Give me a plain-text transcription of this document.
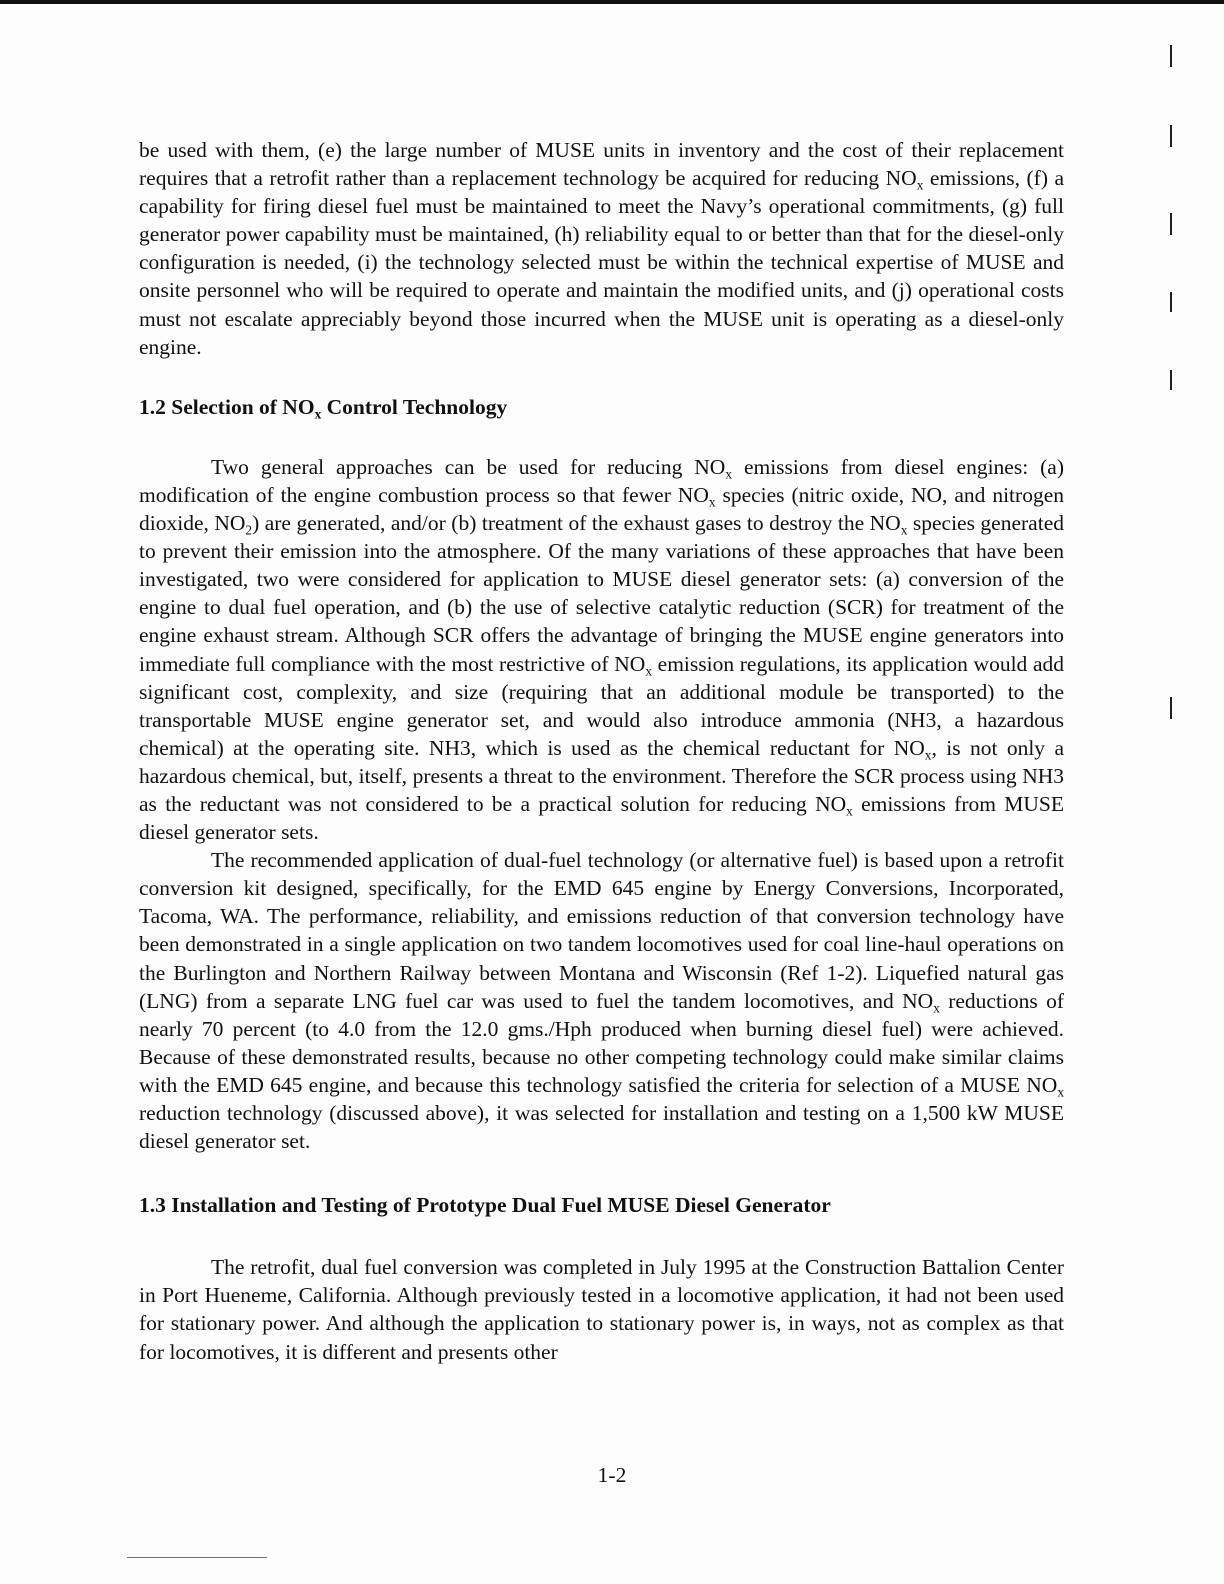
be used with them, (e) the large number of MUSE units in inventory and the cost of their replacement requires that a retrofit rather than a replacement technology be acquired for reducing $NO_x$ emissions, (f) a capability for firing diesel fuel must be maintained to meet the Navy’s operational commitments, (g) full generator power capability must be maintained, (h) reliability equal to or better than that for the diesel-only configuration is needed, (i) the technology selected must be within the technical expertise of MUSE and onsite personnel who will be required to operate and maintain the modified units, and (j) operational costs must not escalate appreciably beyond those incurred when the MUSE unit is operating as a diesel-only engine.

1.2 Selection of $NO_x$ Control Technology

Two general approaches can be used for reducing $NO_x$ emissions from diesel engines: (a) modification of the engine combustion process so that fewer $NO_x$ species (nitric oxide, NO, and nitrogen dioxide, $NO_2$) are generated, and/or (b) treatment of the exhaust gases to destroy the $NO_x$ species generated to prevent their emission into the atmosphere. Of the many variations of these approaches that have been investigated, two were considered for application to MUSE diesel generator sets: (a) conversion of the engine to dual fuel operation, and (b) the use of selective catalytic reduction (SCR) for treatment of the engine exhaust stream. Although SCR offers the advantage of bringing the MUSE engine generators into immediate full compliance with the most restrictive of $NO_x$ emission regulations, its application would add significant cost, complexity, and size (requiring that an additional module be transported) to the transportable MUSE engine generator set, and would also introduce ammonia (NH3, a hazardous chemical) at the operating site. NH3, which is used as the chemical reductant for $NO_x$, is not only a hazardous chemical, but, itself, presents a threat to the environment. Therefore the SCR process using NH3 as the reductant was not considered to be a practical solution for reducing $NO_x$ emissions from MUSE diesel generator sets.

The recommended application of dual-fuel technology (or alternative fuel) is based upon a retrofit conversion kit designed, specifically, for the EMD 645 engine by Energy Conversions, Incorporated, Tacoma, WA. The performance, reliability, and emissions reduction of that conversion technology have been demonstrated in a single application on two tandem locomotives used for coal line-haul operations on the Burlington and Northern Railway between Montana and Wisconsin (Ref 1-2). Liquefied natural gas (LNG) from a separate LNG fuel car was used to fuel the tandem locomotives, and $NO_x$ reductions of nearly 70 percent (to 4.0 from the 12.0 gms./Hph produced when burning diesel fuel) were achieved. Because of these demonstrated results, because no other competing technology could make similar claims with the EMD 645 engine, and because this technology satisfied the criteria for selection of a MUSE $NO_x$ reduction technology (discussed above), it was selected for installation and testing on a 1,500 kW MUSE diesel generator set.

1.3 Installation and Testing of Prototype Dual Fuel MUSE Diesel Generator

The retrofit, dual fuel conversion was completed in July 1995 at the Construction Battalion Center in Port Hueneme, California. Although previously tested in a locomotive application, it had not been used for stationary power. And although the application to stationary power is, in ways, not as complex as that for locomotives, it is different and presents other

1-2
